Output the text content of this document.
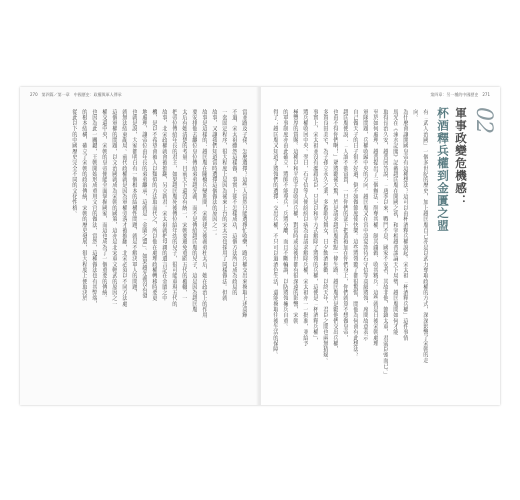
270　第四篇／第一章　中國歷史：政權與軍人傳承
當並路及子孫，怎麼選擇？這些人當然只能選擇忙收藥，路兵權交出來換取上述高輝
不過，宋太祖雖然這樣做，事實上卻不怎樣成功，這個方法所以成為政局的
一套固定程序，很大程度上是因為後來上台的宋太宗也採用了同樣做法。但就
故事，又讓我們知道當時選擇這個做法的原因之一。
故事是這樣的：趙匡胤在陳橋兵變期間，宋朝建立後義弟杜太后，她在政治上的作用
要安排他去繼位皇位傳給弟弟趙光義，而不是傳給趙匡胤的兒子，這是因為趙匡胤
太后有她清楚的考量：目前天下還沒有統一，宋朝要避免重蹈五代的覆轍，一
把帝位傳給年長的君主，如果趙匡胤死後傳位給年幼的兒子，很可能重現五代的
故事，北宋政權就會被推翻，另立新君。宋太祖就把母親的遺言記在金匱之中
機，是以不希望會被人以類似的方法取而代之，所以他在處理政權轉移時要更
地處理，讓帝位由年長的弟弟繼承，這就是「金匱之盟」。如果趙光義沒有發
也就是說，大家都明白有一個根本的結構性問題，就是不解決軍人的問題，
就無法結束亂局。前代政權就是因為軍權旁落才被推翻，北宋必須以不同方法處
這個軍權的問題，以文治國就成為宋朝的國策，這亦是北宋重文輕武的原因之一
權交還中央，宋朝的皇帝便能全面掌握國家，而這也成為了一個重要的傳統。
也因為此一關鍵，王朝開始形成重用文官的做法，當然，這種做法也有其弊端，
的根本結構，確立了宋朝的政治傳統，宋朝的歷史發展，很大程度上便取決於
從此以下的中國歷史完全不同的文化性格。
第四章：另一種的中國歷史　271
02
軍事政變危機感：
杯酒釋兵權到金匱之盟
有「武人治國」一個多世紀的歷史，加上趙匡胤自己亦是以武力奪取政權的方式，深深影響了宋朝的走
向。
為什麼會讓開國皇帝有這種想法？這可以由杯酒釋兵權說起。宋太祖「杯酒釋兵權」這件事情
馬光在《涑水記聞》記載趙匡胤在開國之初，和宰相趙普談論天下局勢，趙匡胤問如何才能
取得長治久安，趙普回答說：「唐季以來，戰鬥不息，國家不安者，其故非他，節鎮太重，君弱臣強而已。」
至於如何處理，趙普提出了三個辦法：削奪其權、制其錢穀、收其精兵。這些就是日後宋朝處理
軍隊問題，兵權收歸中央的方向。趙匡胤又在宮中設宴款待石守信等高級將領，席間故意表示
自己做天子的日子很不好過，倒不如做節度使快樂。這些將領聽了都很驚慌，問他為何會有此想法？
趙匡胤便說：「人誰不欲富貴，一旦你們的部下把黃袍加在你們身上，你們就算不想做皇帝，
也由不得你們啊！」眾將聽後大驚，於是請求趙匡胤指點一條生路。趙匡胤於是勸他們交出兵權，
多置良田美宅，為子孫立永久之業，多蓄歌兒舞女，日夕飲酒相歡，以終天年，君臣之間也兩無猜疑。
事實上，宋太祖並沒有濫殺功臣，只是以和平方式解除了將領的兵權，這便是「杯酒釋兵權」，
將兵權收回中央。翌日，石守信等人便紛紛以病為由請求解除兵權，宋太祖亦一一批准，並給予
極豐厚的賞賜。這種以和平的手段收回兵權，對當時或是後世都有很深遠的影響，宋朝
的軍事制度亦由此確立，將帥不能專兵，兵將分離，而且不斷輪調，以防將領擁兵自重。
得了；趙匡胤又知道了將領們的選擇：交出兵權，不只可以過酒色生活，還能換取往後生活的保障。
